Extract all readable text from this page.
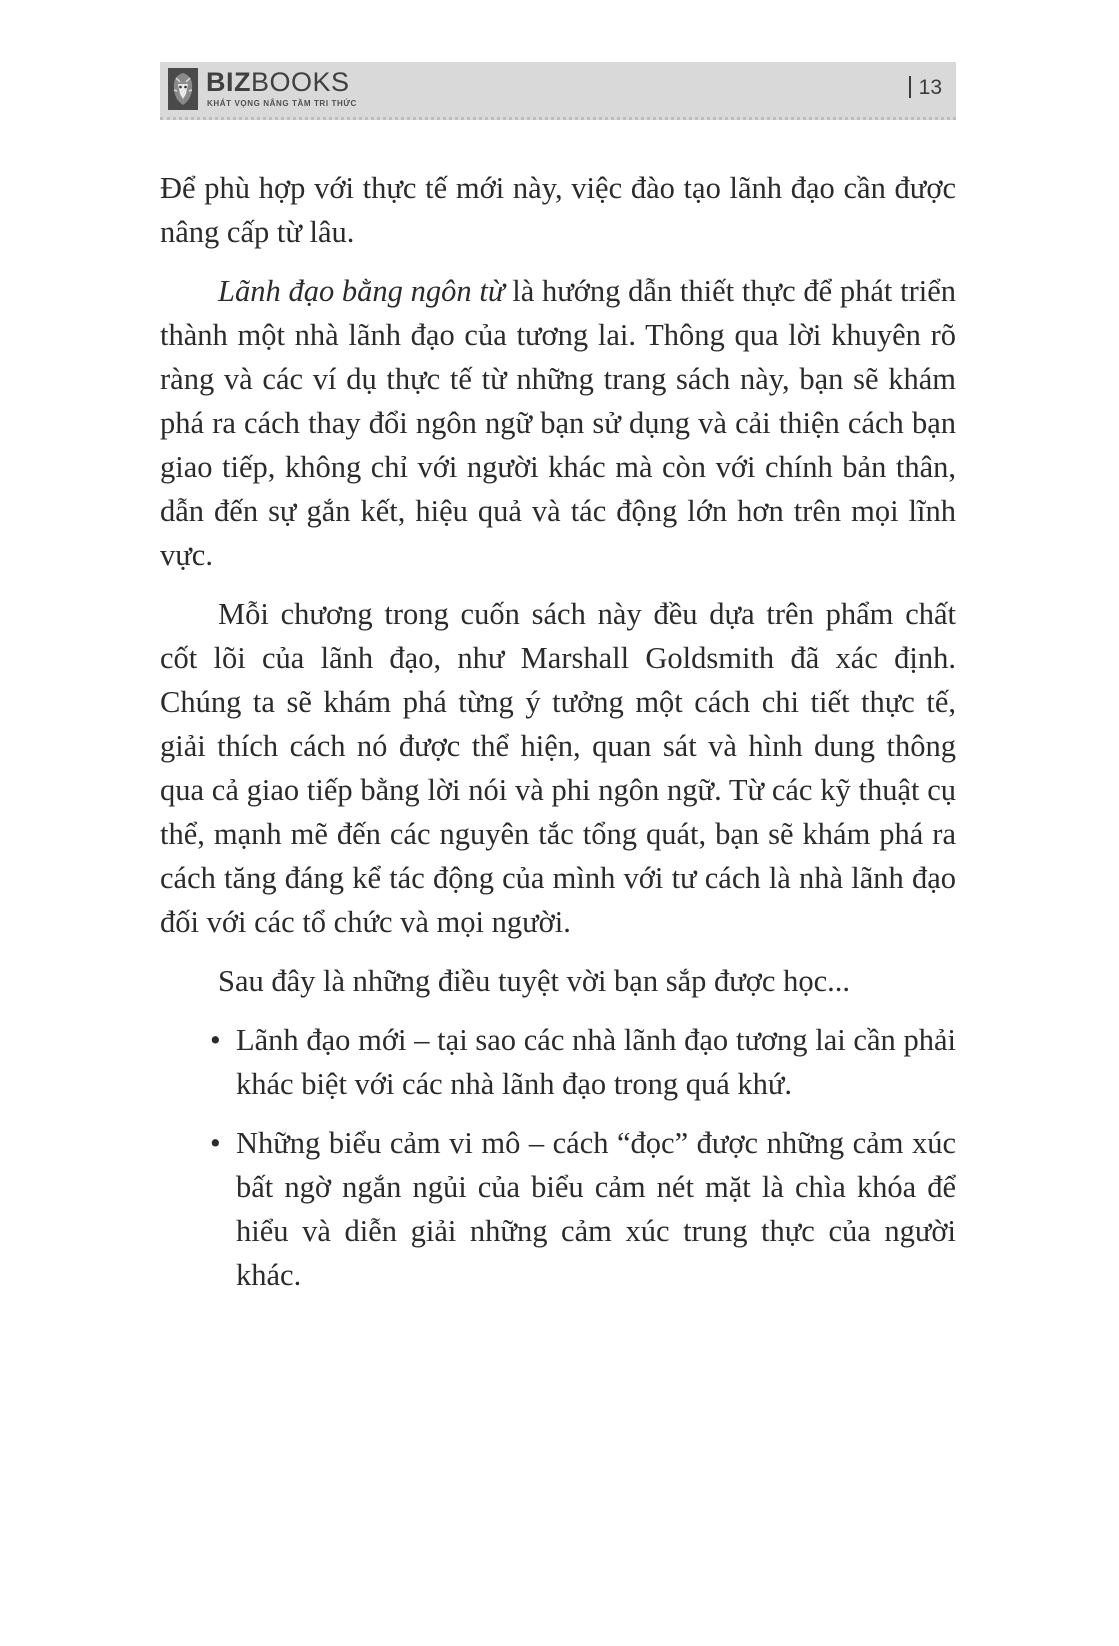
BIZBOOKS
KHÁT VỌNG NÂNG TẦM TRI THỨC
13

Để phù hợp với thực tế mới này, việc đào tạo lãnh đạo cần được nâng cấp từ lâu.

Lãnh đạo bằng ngôn từ là hướng dẫn thiết thực để phát triển thành một nhà lãnh đạo của tương lai. Thông qua lời khuyên rõ ràng và các ví dụ thực tế từ những trang sách này, bạn sẽ khám phá ra cách thay đổi ngôn ngữ bạn sử dụng và cải thiện cách bạn giao tiếp, không chỉ với người khác mà còn với chính bản thân, dẫn đến sự gắn kết, hiệu quả và tác động lớn hơn trên mọi lĩnh vực.

Mỗi chương trong cuốn sách này đều dựa trên phẩm chất cốt lõi của lãnh đạo, như Marshall Goldsmith đã xác định. Chúng ta sẽ khám phá từng ý tưởng một cách chi tiết thực tế, giải thích cách nó được thể hiện, quan sát và hình dung thông qua cả giao tiếp bằng lời nói và phi ngôn ngữ. Từ các kỹ thuật cụ thể, mạnh mẽ đến các nguyên tắc tổng quát, bạn sẽ khám phá ra cách tăng đáng kể tác động của mình với tư cách là nhà lãnh đạo đối với các tổ chức và mọi người.

Sau đây là những điều tuyệt vời bạn sắp được học...

• Lãnh đạo mới – tại sao các nhà lãnh đạo tương lai cần phải khác biệt với các nhà lãnh đạo trong quá khứ.
• Những biểu cảm vi mô – cách “đọc” được những cảm xúc bất ngờ ngắn ngủi của biểu cảm nét mặt là chìa khóa để hiểu và diễn giải những cảm xúc trung thực của người khác.
